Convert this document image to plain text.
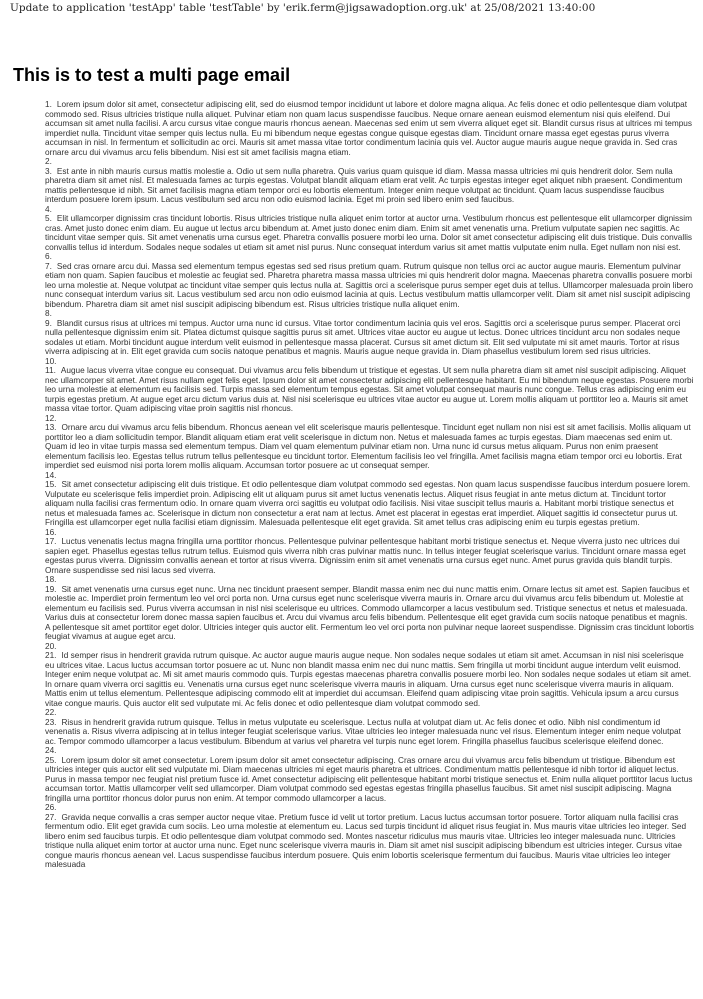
Update to application 'testApp' table 'testTable' by 'erik.ferm@jigsawadoption.org.uk' at 25/08/2021 13:40:00
This is to test a multi page email

1. Lorem ipsum dolor sit amet, consectetur adipiscing elit, sed do eiusmod tempor incididunt ut labore et dolore magna aliqua. Ac felis donec et odio pellentesque diam volutpat commodo sed. Risus ultricies tristique nulla aliquet. Pulvinar etiam non quam lacus suspendisse faucibus. Neque ornare aenean euismod elementum nisi quis eleifend. Dui accumsan sit amet nulla facilisi. A arcu cursus vitae congue mauris rhoncus aenean. Maecenas sed enim ut sem viverra aliquet eget sit. Blandit cursus risus at ultrices mi tempus imperdiet nulla. Tincidunt vitae semper quis lectus nulla. Eu mi bibendum neque egestas congue quisque egestas diam. Tincidunt ornare massa eget egestas purus viverra accumsan in nisl. In fermentum et sollicitudin ac orci. Mauris sit amet massa vitae tortor condimentum lacinia quis vel. Auctor augue mauris augue neque gravida in. Sed cras ornare arcu dui vivamus arcu felis bibendum. Nisi est sit amet facilisis magna etiam.

2.

3. Est ante in nibh mauris cursus mattis molestie a. Odio ut sem nulla pharetra. Quis varius quam quisque id diam. Massa massa ultricies mi quis hendrerit dolor. Sem nulla pharetra diam sit amet nisl. Et malesuada fames ac turpis egestas. Volutpat blandit aliquam etiam erat velit. Ac turpis egestas integer eget aliquet nibh praesent. Condimentum mattis pellentesque id nibh. Sit amet facilisis magna etiam tempor orci eu lobortis elementum. Integer enim neque volutpat ac tincidunt. Quam lacus suspendisse faucibus interdum posuere lorem ipsum. Lacus vestibulum sed arcu non odio euismod lacinia. Eget mi proin sed libero enim sed faucibus.

4.

5. Elit ullamcorper dignissim cras tincidunt lobortis. Risus ultricies tristique nulla aliquet enim tortor at auctor urna. Vestibulum rhoncus est pellentesque elit ullamcorper dignissim cras. Amet justo donec enim diam. Eu augue ut lectus arcu bibendum at. Amet justo donec enim diam. Enim sit amet venenatis urna. Pretium vulputate sapien nec sagittis. Ac tincidunt vitae semper quis. Sit amet venenatis urna cursus eget. Pharetra convallis posuere morbi leo urna. Dolor sit amet consectetur adipiscing elit duis tristique. Duis convallis convallis tellus id interdum. Sodales neque sodales ut etiam sit amet nisl purus. Nunc consequat interdum varius sit amet mattis vulputate enim nulla. Eget nullam non nisi est.

6.

7. Sed cras ornare arcu dui. Massa sed elementum tempus egestas sed sed risus pretium quam. Rutrum quisque non tellus orci ac auctor augue mauris. Elementum pulvinar etiam non quam. Sapien faucibus et molestie ac feugiat sed. Pharetra pharetra massa massa ultricies mi quis hendrerit dolor magna. Maecenas pharetra convallis posuere morbi leo urna molestie at. Neque volutpat ac tincidunt vitae semper quis lectus nulla at. Sagittis orci a scelerisque purus semper eget duis at tellus. Ullamcorper malesuada proin libero nunc consequat interdum varius sit. Lacus vestibulum sed arcu non odio euismod lacinia at quis. Lectus vestibulum mattis ullamcorper velit. Diam sit amet nisl suscipit adipiscing bibendum. Pharetra diam sit amet nisl suscipit adipiscing bibendum est. Risus ultricies tristique nulla aliquet enim.

8.

9. Blandit cursus risus at ultrices mi tempus. Auctor urna nunc id cursus. Vitae tortor condimentum lacinia quis vel eros. Sagittis orci a scelerisque purus semper. Placerat orci nulla pellentesque dignissim enim sit. Platea dictumst quisque sagittis purus sit amet. Ultrices vitae auctor eu augue ut lectus. Donec ultrices tincidunt arcu non sodales neque sodales ut etiam. Morbi tincidunt augue interdum velit euismod in pellentesque massa placerat. Cursus sit amet dictum sit. Elit sed vulputate mi sit amet mauris. Tortor at risus viverra adipiscing at in. Elit eget gravida cum sociis natoque penatibus et magnis. Mauris augue neque gravida in. Diam phasellus vestibulum lorem sed risus ultricies.

10.

11. Augue lacus viverra vitae congue eu consequat. Dui vivamus arcu felis bibendum ut tristique et egestas. Ut sem nulla pharetra diam sit amet nisl suscipit adipiscing. Aliquet nec ullamcorper sit amet. Amet risus nullam eget felis eget. Ipsum dolor sit amet consectetur adipiscing elit pellentesque habitant. Eu mi bibendum neque egestas. Posuere morbi leo urna molestie at elementum eu facilisis sed. Turpis massa sed elementum tempus egestas. Sit amet volutpat consequat mauris nunc congue. Tellus cras adipiscing enim eu turpis egestas pretium. At augue eget arcu dictum varius duis at. Nisl nisi scelerisque eu ultrices vitae auctor eu augue ut. Lorem mollis aliquam ut porttitor leo a. Mauris sit amet massa vitae tortor. Quam adipiscing vitae proin sagittis nisl rhoncus.

12.

13. Ornare arcu dui vivamus arcu felis bibendum. Rhoncus aenean vel elit scelerisque mauris pellentesque. Tincidunt eget nullam non nisi est sit amet facilisis. Mollis aliquam ut porttitor leo a diam sollicitudin tempor. Blandit aliquam etiam erat velit scelerisque in dictum non. Netus et malesuada fames ac turpis egestas. Diam maecenas sed enim ut. Quam id leo in vitae turpis massa sed elementum tempus. Diam vel quam elementum pulvinar etiam non. Urna nunc id cursus metus aliquam. Purus non enim praesent elementum facilisis leo. Egestas tellus rutrum tellus pellentesque eu tincidunt tortor. Elementum facilisis leo vel fringilla. Amet facilisis magna etiam tempor orci eu lobortis. Erat imperdiet sed euismod nisi porta lorem mollis aliquam. Accumsan tortor posuere ac ut consequat semper.

14.

15. Sit amet consectetur adipiscing elit duis tristique. Et odio pellentesque diam volutpat commodo sed egestas. Non quam lacus suspendisse faucibus interdum posuere lorem. Vulputate eu scelerisque felis imperdiet proin. Adipiscing elit ut aliquam purus sit amet luctus venenatis lectus. Aliquet risus feugiat in ante metus dictum at. Tincidunt tortor aliquam nulla facilisi cras fermentum odio. In ornare quam viverra orci sagittis eu volutpat odio facilisis. Nisi vitae suscipit tellus mauris a. Habitant morbi tristique senectus et netus et malesuada fames ac. Scelerisque in dictum non consectetur a erat nam at lectus. Amet est placerat in egestas erat imperdiet. Aliquet sagittis id consectetur purus ut. Fringilla est ullamcorper eget nulla facilisi etiam dignissim. Malesuada pellentesque elit eget gravida. Sit amet tellus cras adipiscing enim eu turpis egestas pretium.

16.

17. Luctus venenatis lectus magna fringilla urna porttitor rhoncus. Pellentesque pulvinar pellentesque habitant morbi tristique senectus et. Neque viverra justo nec ultrices dui sapien eget. Phasellus egestas tellus rutrum tellus. Euismod quis viverra nibh cras pulvinar mattis nunc. In tellus integer feugiat scelerisque varius. Tincidunt ornare massa eget egestas purus viverra. Dignissim convallis aenean et tortor at risus viverra. Dignissim enim sit amet venenatis urna cursus eget nunc. Amet purus gravida quis blandit turpis. Ornare suspendisse sed nisi lacus sed viverra.

18.

19. Sit amet venenatis urna cursus eget nunc. Urna nec tincidunt praesent semper. Blandit massa enim nec dui nunc mattis enim. Ornare lectus sit amet est. Sapien faucibus et molestie ac. Imperdiet proin fermentum leo vel orci porta non. Urna cursus eget nunc scelerisque viverra mauris in. Ornare arcu dui vivamus arcu felis bibendum ut. Molestie at elementum eu facilisis sed. Purus viverra accumsan in nisl nisi scelerisque eu ultrices. Commodo ullamcorper a lacus vestibulum sed. Tristique senectus et netus et malesuada. Varius duis at consectetur lorem donec massa sapien faucibus et. Arcu dui vivamus arcu felis bibendum. Pellentesque elit eget gravida cum sociis natoque penatibus et magnis. A pellentesque sit amet porttitor eget dolor. Ultricies integer quis auctor elit. Fermentum leo vel orci porta non pulvinar neque laoreet suspendisse. Dignissim cras tincidunt lobortis feugiat vivamus at augue eget arcu.

20.

21. Id semper risus in hendrerit gravida rutrum quisque. Ac auctor augue mauris augue neque. Non sodales neque sodales ut etiam sit amet. Accumsan in nisl nisi scelerisque eu ultrices vitae. Lacus luctus accumsan tortor posuere ac ut. Nunc non blandit massa enim nec dui nunc mattis. Sem fringilla ut morbi tincidunt augue interdum velit euismod. Integer enim neque volutpat ac. Mi sit amet mauris commodo quis. Turpis egestas maecenas pharetra convallis posuere morbi leo. Non sodales neque sodales ut etiam sit amet. In ornare quam viverra orci sagittis eu. Venenatis urna cursus eget nunc scelerisque viverra mauris in aliquam. Urna cursus eget nunc scelerisque viverra mauris in aliquam. Mattis enim ut tellus elementum. Pellentesque adipiscing commodo elit at imperdiet dui accumsan. Eleifend quam adipiscing vitae proin sagittis. Vehicula ipsum a arcu cursus vitae congue mauris. Quis auctor elit sed vulputate mi. Ac felis donec et odio pellentesque diam volutpat commodo sed.

22.

23. Risus in hendrerit gravida rutrum quisque. Tellus in metus vulputate eu scelerisque. Lectus nulla at volutpat diam ut. Ac felis donec et odio. Nibh nisl condimentum id venenatis a. Risus viverra adipiscing at in tellus integer feugiat scelerisque varius. Vitae ultricies leo integer malesuada nunc vel risus. Elementum integer enim neque volutpat ac. Tempor commodo ullamcorper a lacus vestibulum. Bibendum at varius vel pharetra vel turpis nunc eget lorem. Fringilla phasellus faucibus scelerisque eleifend donec.

24.

25. Lorem ipsum dolor sit amet consectetur. Lorem ipsum dolor sit amet consectetur adipiscing. Cras ornare arcu dui vivamus arcu felis bibendum ut tristique. Bibendum est ultricies integer quis auctor elit sed vulputate mi. Diam maecenas ultricies mi eget mauris pharetra et ultrices. Condimentum mattis pellentesque id nibh tortor id aliquet lectus. Purus in massa tempor nec feugiat nisl pretium fusce id. Amet consectetur adipiscing elit pellentesque habitant morbi tristique senectus et. Enim nulla aliquet porttitor lacus luctus accumsan tortor. Mattis ullamcorper velit sed ullamcorper. Diam volutpat commodo sed egestas egestas fringilla phasellus faucibus. Sit amet nisl suscipit adipiscing. Magna fringilla urna porttitor rhoncus dolor purus non enim. At tempor commodo ullamcorper a lacus.

26.

27. Gravida neque convallis a cras semper auctor neque vitae. Pretium fusce id velit ut tortor pretium. Lacus luctus accumsan tortor posuere. Tortor aliquam nulla facilisi cras fermentum odio. Elit eget gravida cum sociis. Leo urna molestie at elementum eu. Lacus sed turpis tincidunt id aliquet risus feugiat in. Mus mauris vitae ultricies leo integer. Sed libero enim sed faucibus turpis. Et odio pellentesque diam volutpat commodo sed. Montes nascetur ridiculus mus mauris vitae. Ultricies leo integer malesuada nunc. Ultricies tristique nulla aliquet enim tortor at auctor urna nunc. Eget nunc scelerisque viverra mauris in. Diam sit amet nisl suscipit adipiscing bibendum est ultricies integer. Cursus vitae congue mauris rhoncus aenean vel. Lacus suspendisse faucibus interdum posuere. Quis enim lobortis scelerisque fermentum dui faucibus. Mauris vitae ultricies leo integer malesuada
